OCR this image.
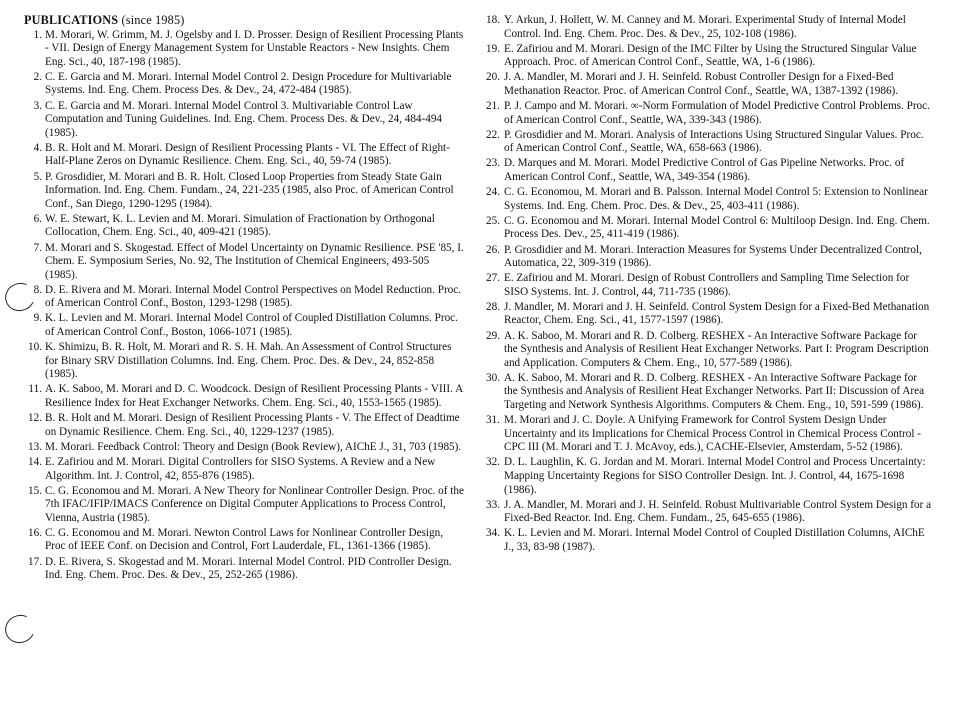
PUBLICATIONS (since 1985)
1. M. Morari, W. Grimm, M. J. Ogelsby and I. D. Prosser. Design of Resilient Processing Plants - VII. Design of Energy Management System for Unstable Reactors - New Insights. Chem Eng. Sci., 40, 187-198 (1985).
2. C. E. Garcia and M. Morari. Internal Model Control 2. Design Procedure for Multivariable Systems. Ind. Eng. Chem. Process Des. & Dev., 24, 472-484 (1985).
3. C. E. Garcia and M. Morari. Internal Model Control 3. Multivariable Control Law Computation and Tuning Guidelines. Ind. Eng. Chem. Process Des. & Dev., 24, 484-494 (1985).
4. B. R. Holt and M. Morari. Design of Resilient Processing Plants - VI. The Effect of Right-Half-Plane Zeros on Dynamic Resilience. Chem. Eng. Sci., 40, 59-74 (1985).
5. P. Grosdidier, M. Morari and B. R. Holt. Closed Loop Properties from Steady State Gain Information. Ind. Eng. Chem. Fundam., 24, 221-235 (1985, also Proc. of American Control Conf., San Diego, 1290-1295 (1984).
6. W. E. Stewart, K. L. Levien and M. Morari. Simulation of Fractionation by Orthogonal Collocation, Chem. Eng. Sci., 40, 409-421 (1985).
7. M. Morari and S. Skogestad. Effect of Model Uncertainty on Dynamic Resilience. PSE '85, I. Chem. E. Symposium Series, No. 92, The Institution of Chemical Engineers, 493-505 (1985).
8. D. E. Rivera and M. Morari. Internal Model Control Perspectives on Model Reduction. Proc. of American Control Conf., Boston, 1293-1298 (1985).
9. K. L. Levien and M. Morari. Internal Model Control of Coupled Distillation Columns. Proc. of American Control Conf., Boston, 1066-1071 (1985).
10. K. Shimizu, B. R. Holt, M. Morari and R. S. H. Mah. An Assessment of Control Structures for Binary SRV Distillation Columns. Ind. Eng. Chem. Proc. Des. & Dev., 24, 852-858 (1985).
11. A. K. Saboo, M. Morari and D. C. Woodcock. Design of Resilient Processing Plants - VIII. A Resilience Index for Heat Exchanger Networks. Chem. Eng. Sci., 40, 1553-1565 (1985).
12. B. R. Holt and M. Morari. Design of Resilient Processing Plants - V. The Effect of Deadtime on Dynamic Resilience. Chem. Eng. Sci., 40, 1229-1237 (1985).
13. M. Morari. Feedback Control: Theory and Design (Book Review), AIChE J., 31, 703 (1985).
14. E. Zafiriou and M. Morari. Digital Controllers for SISO Systems. A Review and a New Algorithm. Int. J. Control, 42, 855-876 (1985).
15. C. G. Economou and M. Morari. A New Theory for Nonlinear Controller Design. Proc. of the 7th IFAC/IFIP/IMACS Conference on Digital Computer Applications to Process Control, Vienna, Austria (1985).
16. C. G. Economou and M. Morari. Newton Control Laws for Nonlinear Controller Design, Proc of IEEE Conf. on Decision and Control, Fort Lauderdale, FL, 1361-1366 (1985).
17. D. E. Rivera, S. Skogestad and M. Morari. Internal Model Control. PID Controller Design. Ind. Eng. Chem. Proc. Des. & Dev., 25, 252-265 (1986).
18. Y. Arkun, J. Hollett, W. M. Canney and M. Morari. Experimental Study of Internal Model Control. Ind. Eng. Chem. Proc. Des. & Dev., 25, 102-108 (1986).
19. E. Zafiriou and M. Morari. Design of the IMC Filter by Using the Structured Singular Value Approach. Proc. of American Control Conf., Seattle, WA, 1-6 (1986).
20. J. A. Mandler, M. Morari and J. H. Seinfeld. Robust Controller Design for a Fixed-Bed Methanation Reactor. Proc. of American Control Conf., Seattle, WA, 1387-1392 (1986).
21. P. J. Campo and M. Morari. ∞-Norm Formulation of Model Predictive Control Problems. Proc. of American Control Conf., Seattle, WA, 339-343 (1986).
22. P. Grosdidier and M. Morari. Analysis of Interactions Using Structured Singular Values. Proc. of American Control Conf., Seattle, WA, 658-663 (1986).
23. D. Marques and M. Morari. Model Predictive Control of Gas Pipeline Networks. Proc. of American Control Conf., Seattle, WA, 349-354 (1986).
24. C. G. Economou, M. Morari and B. Palsson. Internal Model Control 5: Extension to Nonlinear Systems. Ind. Eng. Chem. Proc. Des. & Dev., 25, 403-411 (1986).
25. C. G. Economou and M. Morari. Internal Model Control 6: Multiloop Design. Ind. Eng. Chem. Process Des. Dev., 25, 411-419 (1986).
26. P. Grosdidier and M. Morari. Interaction Measures for Systems Under Decentralized Control, Automatica, 22, 309-319 (1986).
27. E. Zafiriou and M. Morari. Design of Robust Controllers and Sampling Time Selection for SISO Systems. Int. J. Control, 44, 711-735 (1986).
28. J. Mandler, M. Morari and J. H. Seinfeld. Control System Design for a Fixed-Bed Methanation Reactor, Chem. Eng. Sci., 41, 1577-1597 (1986).
29. A. K. Saboo, M. Morari and R. D. Colberg. RESHEX - An Interactive Software Package for the Synthesis and Analysis of Resilient Heat Exchanger Networks. Part I: Program Description and Application. Computers & Chem. Eng., 10, 577-589 (1986).
30. A. K. Saboo, M. Morari and R. D. Colberg. RESHEX - An Interactive Software Package for the Synthesis and Analysis of Resilient Heat Exchanger Networks. Part II: Discussion of Area Targeting and Network Synthesis Algorithms. Computers & Chem. Eng., 10, 591-599 (1986).
31. M. Morari and J. C. Doyle. A Unifying Framework for Control System Design Under Uncertainty and its Implications for Chemical Process Control in Chemical Process Control - CPC III (M. Morari and T. J. McAvoy, eds.), CACHE-Elsevier, Amsterdam, 5-52 (1986).
32. D. L. Laughlin, K. G. Jordan and M. Morari. Internal Model Control and Process Uncertainty: Mapping Uncertainty Regions for SISO Controller Design. Int. J. Control, 44, 1675-1698 (1986).
33. J. A. Mandler, M. Morari and J. H. Seinfeld. Robust Multivariable Control System Design for a Fixed-Bed Reactor. Ind. Eng. Chem. Fundam., 25, 645-655 (1986).
34. K. L. Levien and M. Morari. Internal Model Control of Coupled Distillation Columns, AIChE J., 33, 83-98 (1987).
